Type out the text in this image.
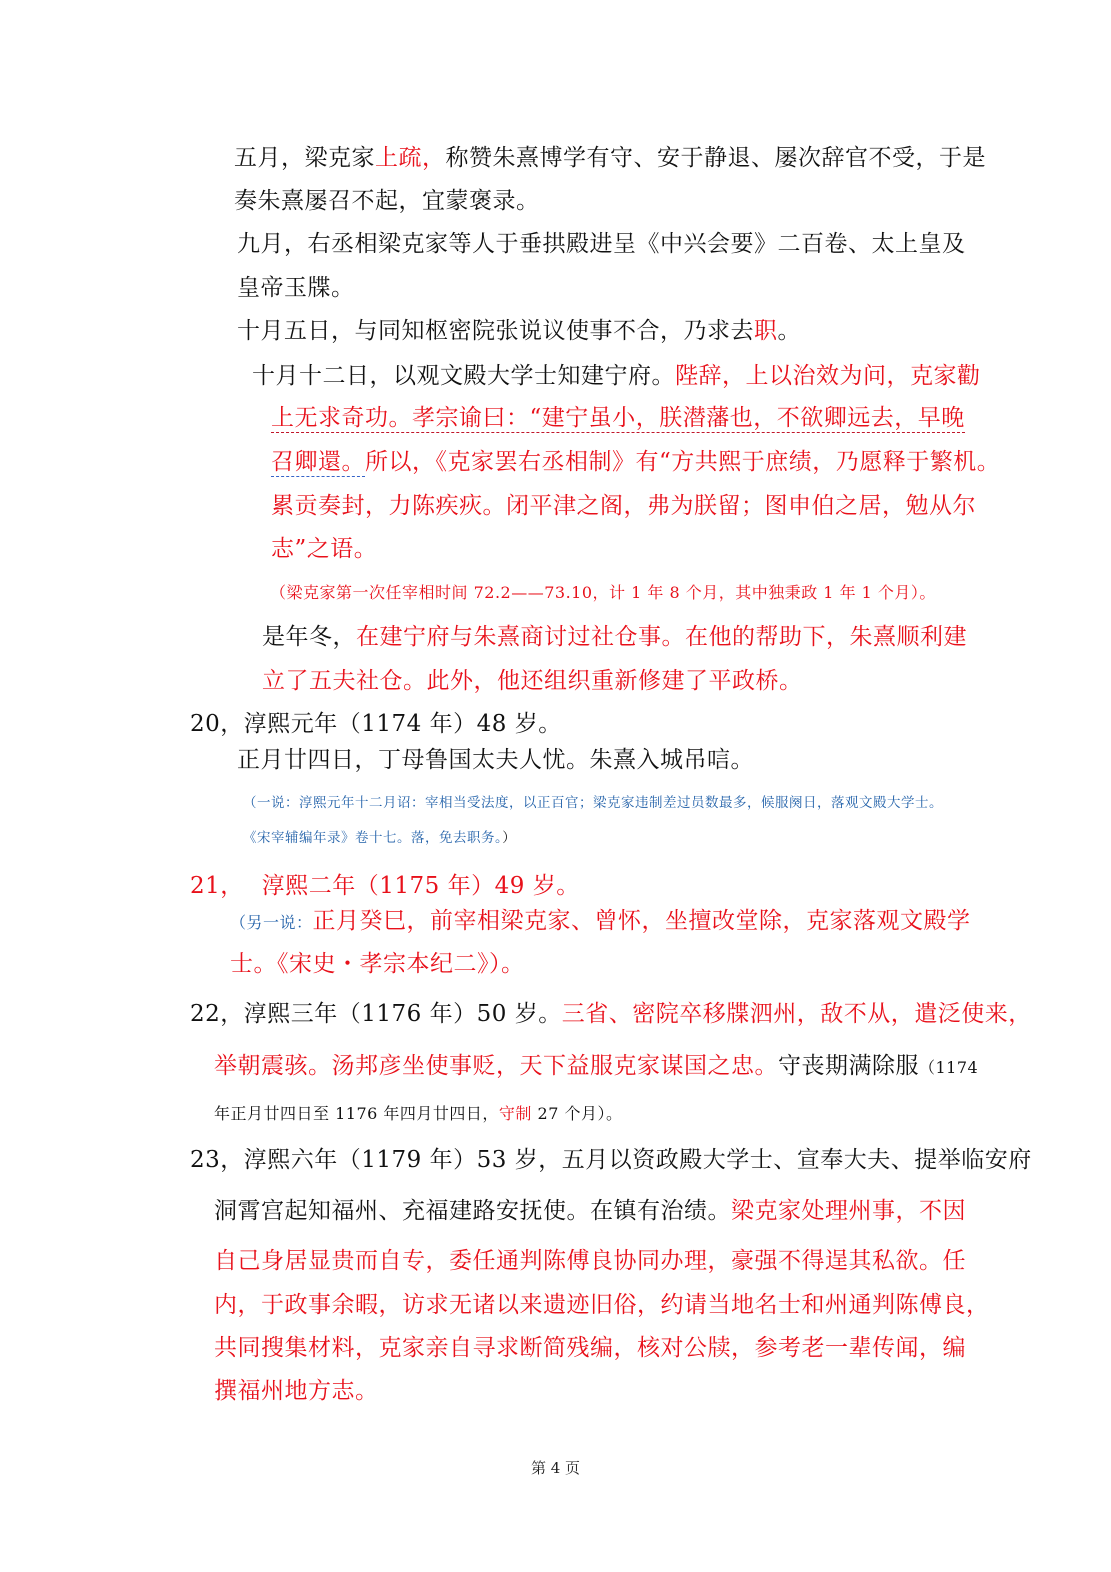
五月，梁克家上疏，称赞朱熹博学有守、安于静退、屡次辞官不受，于是
奏朱熹屡召不起，宜蒙褒录。
九月，右丞相梁克家等人于垂拱殿进呈《中兴会要》二百卷、太上皇及
皇帝玉牒。
十月五日，与同知枢密院张说议使事不合，乃求去职。
十月十二日，以观文殿大学士知建宁府。陛辞，上以治效为问，克家勸
上无求奇功。孝宗谕曰：“建宁虽小，朕潜藩也，不欲卿远去，早晚
召卿還。所以，《克家罢右丞相制》有“方共熙于庶绩，乃愿释于繁机。
累贡奏封，力陈疾疢。闭平津之阁，弗为朕留；图申伯之居，勉从尔
志”之语。
（梁克家第一次任宰相时间 72.2——73.10，计 1 年 8 个月，其中独秉政 1 年 1 个月）。
是年冬，在建宁府与朱熹商讨过社仓事。在他的帮助下，朱熹顺利建
立了五夫社仓。此外，他还组织重新修建了平政桥。
20，淳熙元年（1174 年）48 岁。
正月廿四日，丁母鲁国太夫人忧。朱熹入城吊唁。
（一说：淳熙元年十二月诏：宰相当受法度，以正百官；梁克家违制差过员数最多，候服阕日，落观文殿大学士。
《宋宰辅编年录》卷十七。落，免去职务。）
21， 淳熙二年（1175 年）49 岁。
（另一说：正月癸巳，前宰相梁克家、曾怀，坐擅改堂除，克家落观文殿学
士。《宋史・孝宗本纪二》）。
22，淳熙三年（1176 年）50 岁。三省、密院卒移牒泗州，敌不从，遣泛使来，
举朝震骇。汤邦彦坐使事贬，天下益服克家谋国之忠。守丧期满除服（1174
年正月廿四日至 1176 年四月廿四日，守制 27 个月）。
23，淳熙六年（1179 年）53 岁，五月以资政殿大学士、宣奉大夫、提举临安府
洞霄宫起知福州、充福建路安抚使。在镇有治绩。梁克家处理州事，不因
自己身居显贵而自专，委任通判陈傅良协同办理，豪强不得逞其私欲。任
内，于政事余暇，访求无诸以来遗迹旧俗，约请当地名士和州通判陈傅良，
共同搜集材料，克家亲自寻求断简残编，核对公牍，参考老一辈传闻，编
撰福州地方志。
第 4 页
